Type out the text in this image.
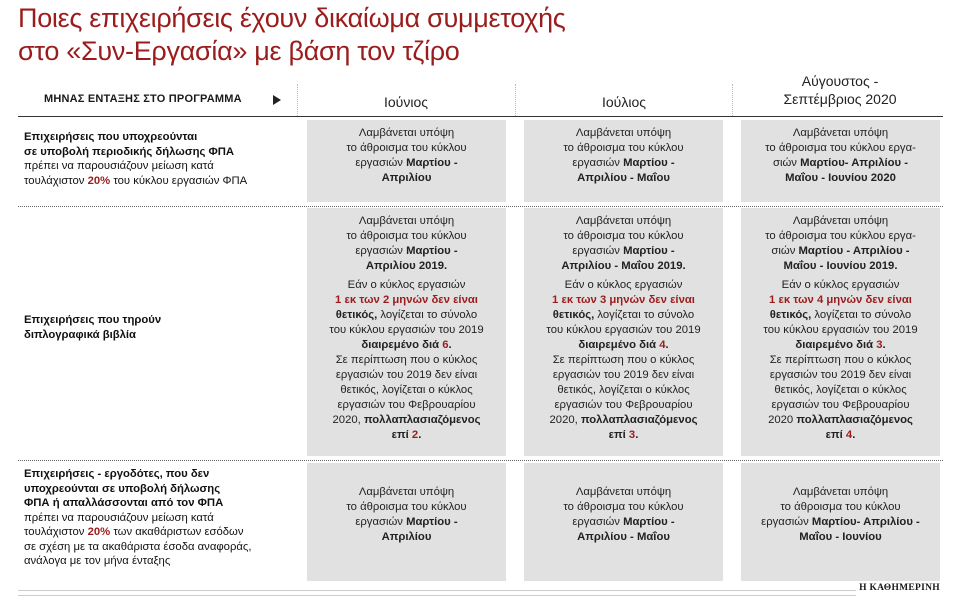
Ποιες επιχειρήσεις έχουν δικαίωμα συμμετοχής
στο «Συν-Εργασία» με βάση τον τζίρο
ΜΗΝΑΣ ΕΝΤΑΞΗΣ ΣΤΟ ΠΡΟΓΡΑΜΜΑ	Ιούνιος	Ιούλιος
Αύγουστος -
Σεπτέμβριος 2020
Επιχειρήσεις που υποχρεούνται
σε υποβολή περιοδικής δήλωσης ΦΠΑ
πρέπει να παρουσιάζουν μείωση κατά
τουλάχιστον 20% του κύκλου εργασιών ΦΠΑ
Λαμβάνεται υπόψη
το άθροισμα του κύκλου
εργασιών Μαρτίου -
Απριλίου
Λαμβάνεται υπόψη
το άθροισμα του κύκλου
εργασιών Μαρτίου -
Απριλίου - Μαΐου
Λαμβάνεται υπόψη
το άθροισμα του κύκλου εργα-
σιών Μαρτίου- Απριλίου -
Μαΐου - Ιουνίου 2020
Επιχειρήσεις που τηρούν
διπλογραφικά βιβλία
Λαμβάνεται υπόψη
το άθροισμα του κύκλου
εργασιών Μαρτίου -
Απριλίου 2019.
Εάν ο κύκλος εργασιών
1 εκ των 2 μηνών δεν είναι
θετικός, λογίζεται το σύνολο
του κύκλου εργασιών του 2019
διαιρεμένο διά 6.
Σε περίπτωση που ο κύκλος
εργασιών του 2019 δεν είναι
θετικός, λογίζεται ο κύκλος
εργασιών του Φεβρουαρίου
2020, πολλαπλασιαζόμενος
επί 2.
Λαμβάνεται υπόψη
το άθροισμα του κύκλου
εργασιών Μαρτίου -
Απριλίου - Μαΐου 2019.
Εάν ο κύκλος εργασιών
1 εκ των 3 μηνών δεν είναι
θετικός, λογίζεται το σύνολο
του κύκλου εργασιών του 2019
διαιρεμένο διά 4.
Σε περίπτωση που ο κύκλος
εργασιών του 2019 δεν είναι
θετικός, λογίζεται ο κύκλος
εργασιών του Φεβρουαρίου
2020, πολλαπλασιαζόμενος
επί 3.
Λαμβάνεται υπόψη
το άθροισμα του κύκλου εργα-
σιών Μαρτίου - Απριλίου -
Μαΐου - Ιουνίου 2019.
Εάν ο κύκλος εργασιών
1 εκ των 4 μηνών δεν είναι
θετικός, λογίζεται το σύνολο
του κύκλου εργασιών του 2019
διαιρεμένο διά 3.
Σε περίπτωση που ο κύκλος
εργασιών του 2019 δεν είναι
θετικός, λογίζεται ο κύκλος
εργασιών του Φεβρουαρίου
2020 πολλαπλασιαζόμενος
επί 4.
Επιχειρήσεις - εργοδότες, που δεν
υποχρεούνται σε υποβολή δήλωσης
ΦΠΑ ή απαλλάσσονται από τον ΦΠΑ
πρέπει να παρουσιάζουν μείωση κατά
τουλάχιστον 20% των ακαθάριστων εσόδων
σε σχέση με τα ακαθάριστα έσοδα αναφοράς,
ανάλογα με τον μήνα ένταξης
Λαμβάνεται υπόψη
το άθροισμα του κύκλου
εργασιών Μαρτίου -
Απριλίου
Λαμβάνεται υπόψη
το άθροισμα του κύκλου
εργασιών Μαρτίου -
Απριλίου - Μαΐου
Λαμβάνεται υπόψη
το άθροισμα του κύκλου
εργασιών Μαρτίου- Απριλίου -
Μαΐου - Ιουνίου
Η ΚΑΘΗΜΕΡΙΝΗ
